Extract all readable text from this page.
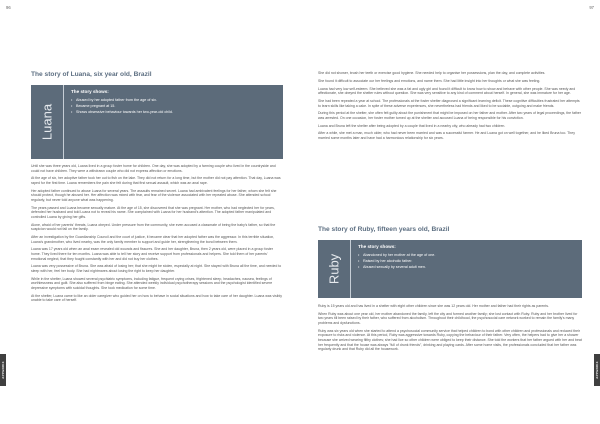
96
The story of Luana, six year old, Brazil
Luana
The story shows:
• Abused by her adopted father from the age of six.
• Became pregnant at 15.
• Shows obsessive behaviour towards her two-year-old child.

Until she was three years old, Luana lived in a group foster home for children. One day, she was adopted by a farming couple who lived in the countryside and could not have children. They were a withdrawn couple who did not express affection or emotions.

At the age of six, her adoptive father took her out to fish on the lake. They did not return for a long time, but the mother did not pay attention. That day, Luana was raped for the first time. Luana remembers the pain she felt during that first sexual assault, which was an anal rape.

Her adopted father continued to abuse Luana for several years. The assaults remained secret. Luana had ambivalent feelings for her father, whom she felt she should protect, though he abused her. Her affection was mixed with fear, and fear of the violence associated with her repeated abuse. She attended school regularly, but never told anyone what was happening.

The years passed and Luana became sexually mature. At the age of 15, she discovered that she was pregnant. Her mother, who had neglected her for years, defended her husband and told Luana not to reveal his name. She complained with Luana for her husband's attention. The adopted father manipulated and controlled Luana by giving her gifts.

Alone, afraid of her parents' threats, Luana obeyed. Under pressure from the community, she even accused a classmate of being the baby's father, so that the suspicion would not fall on the family.

After an investigation by the Guardianship Council and the court of justice, it became clear that her adopted father was the aggressor. In this terrible situation, Luana's grandmother, who lived nearby, was the only family member to support and guide her, strengthening the bond between them.

Luana was 17 years old when an anal exam revealed old wounds and fissures. She and her daughter, Bruna, then 2 years old, were placed in a group foster home. They lived there for ten months. Luana was able to tell her story and receive support from professionals and helpers. She told them of her parents' emotional neglect, that they fought constantly with her and did not buy her clothes.

Luana was very possessive of Bruna. She was afraid of losing her; that she might be stolen, especially at night. She stayed with Bruna all the time, and needed to sleep with her, feel her body. She had nightmares about losing the right to keep her daughter.

While in the shelter, Luana showed several psychiatric symptoms, including fatigue, frequent crying crises, frightened sleep, headaches, nausea, feelings of worthlessness and guilt. She also suffered from binge eating. She attended weekly individual psychotherapy sessions and the psychologist identified severe depressive symptoms with suicidal thoughts. She took medication for some time.

At the shelter, Luana came to like an older caregiver who guided her on how to behave in social situations and how to take care of her daughter. Luana was visibly unable to take care of herself.

APPENDIX
97

She did not shower, brush her teeth or exercise good hygiene. She needed help to organise her possessions, plan the day, and complete activities.

She found it difficult to associate our her feelings and emotions, and name them. She had little insight into her thoughts or what she was feeling.

Luana had very low self-esteem. She believed she was a fat and ugly girl and found it difficult to know how to show and behave with other people. She was needy and affectionate, she obeyed the shelter rules without question. She was very sensitive to any kind of comment about herself. In general, she was immature for her age.

She had been repeated a year at school. The professionals at the foster shelter diagnosed a significant learning deficit. These cognitive difficulties frustrated her attempts to learn skills like taking a cake. In spite of these adverse experiences, she nevertheless had friends and liked to be sociable, outgoing and make friends.

During this period at the shelter, she often felt guilty about the punishment that might be imposed on her father and mother. After two years of legal proceedings, the father was arrested. On one occasion, her foster mother turned up at the shelter and accused Luana of being responsible for his conviction.

Luana and Bruna left the shelter after being adopted by a couple that lived in a nearby city, who already had two children.

After a while, she met a man, much older, who had never been married and was a successful farmer. He and Luana got on well together, and he liked Bruna too. They married some months later and have had a harmonious relationship for six years.

The story of Ruby, fifteen years old, Brazil
Ruby
The story shows:
• Abandoned by her mother at the age of one.
• Raised by her alcoholic father.
• Abused sexually by several adult men.

Ruby is 15 years old and has lived in a shelter with eight other children since she was 12 years old. Her mother and father had their rights as parents.

When Ruby was about one year old, her mother abandoned the family, left the city and formed another family; she lost contact with Ruby. Ruby and her brother lived for two years till been raised by their father, who suffered from alcoholism. Throughout their childhood, the psychosocial care network worked to remain the family's many problems and dysfunctions.

Ruby was six years old when she started to attend a psychosocial community service that helped children to bond with other children and professionals and reduced their exposure to risks and violence. At this period, Ruby was aggressive towards Ruby, copying the behaviour of their father. Very often, the helpers had to give her a shower because she arrived wearing filthy clothes; she had lice so other children were obliged to keep their distance. She told the workers that her father argued with her and beat her frequently and that the house was always "full of drunk friends", drinking and playing cards. After some home visits, the professionals concluded that her father was regularly drunk and that Ruby did all the housework.

APPENDIX
